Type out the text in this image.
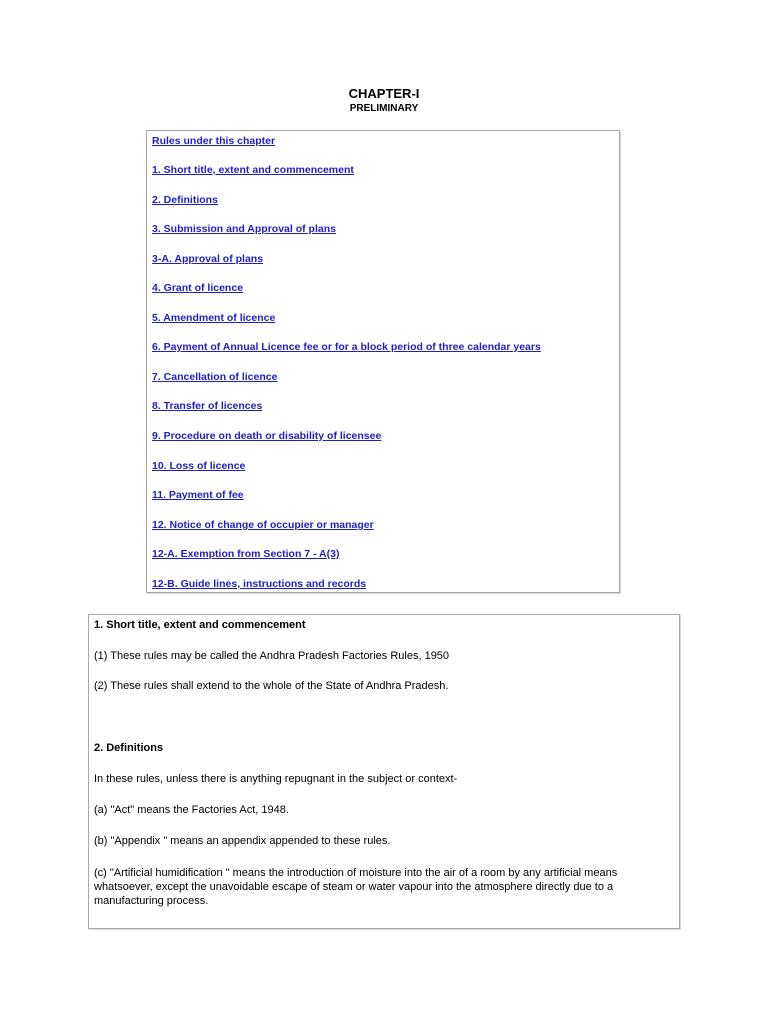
CHAPTER-I
PRELIMINARY
Rules under this chapter
1. Short title, extent and commencement
2. Definitions
3. Submission and Approval of plans
3-A. Approval of plans
4. Grant of licence
5. Amendment of licence
6. Payment of Annual Licence fee or for a block period of three calendar years
7. Cancellation of licence
8. Transfer of licences
9. Procedure on death or disability of licensee
10. Loss of licence
11. Payment of fee
12. Notice of change of occupier or manager
12-A. Exemption from Section 7 - A(3)
12-B. Guide lines, instructions and records
1. Short title, extent and commencement
(1) These rules may be called the Andhra Pradesh Factories Rules, 1950
(2) These rules shall extend to the whole of the State of Andhra Pradesh.
2. Definitions
In these rules, unless there is anything repugnant in the subject or context-
(a) "Act" means the Factories Act, 1948.
(b) "Appendix " means an appendix appended to these rules.
(c) "Artificial humidification " means the introduction of moisture into the air of a room by any artificial means whatsoever, except the unavoidable escape of steam or water vapour into the atmosphere directly due to a manufacturing process.
